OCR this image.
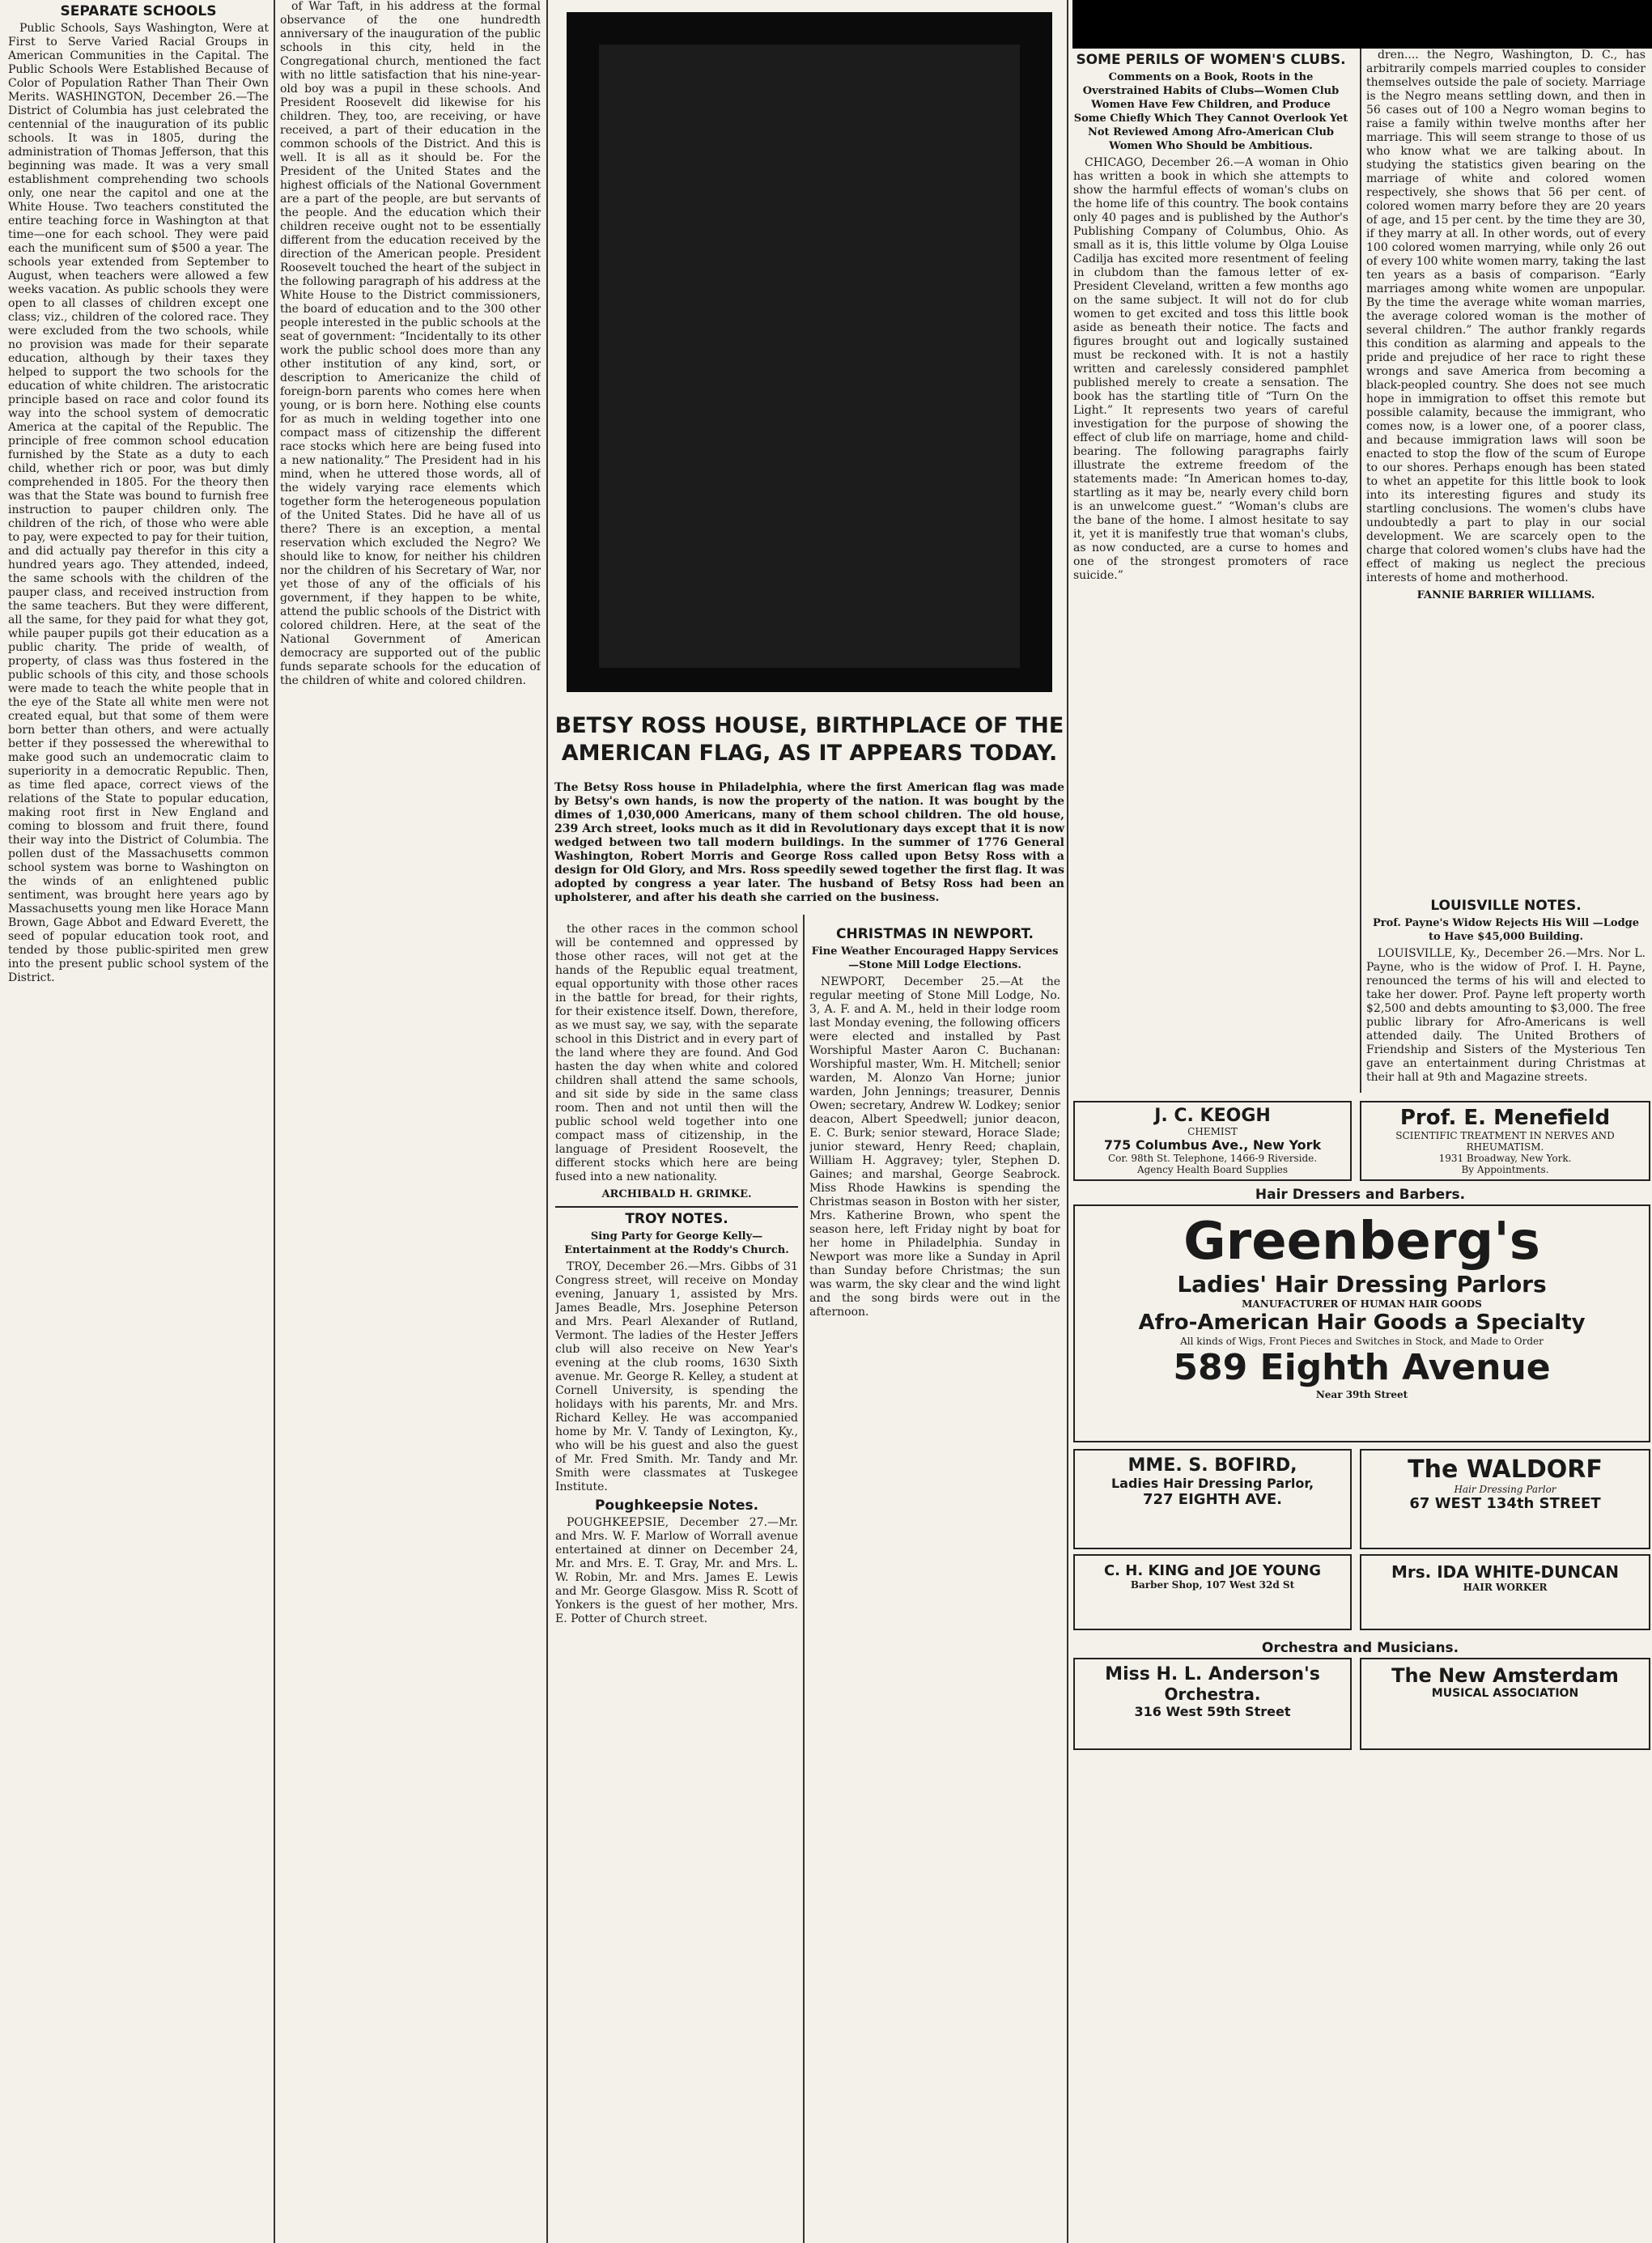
SEPARATE SCHOOLS

Public Schools, Says Washington, Were at First to Serve Varied Racial Groups in American Communities in the Capital. The Public Schools Were Established Because of Color of Population Rather Than Their Own Merits. WASHINGTON, December 26.—The District of Columbia has just celebrated the centennial of the inauguration of its public schools. It was in 1805, during the administration of Thomas Jefferson, that this beginning was made. It was a very small establishment comprehending two schools only, one near the capitol and one at the White House. Two teachers constituted the entire teaching force in Washington at that time—one for each school. They were paid each the munificent sum of $500 a year. The schools year extended from September to August, when teachers were allowed a few weeks vacation. As public schools they were open to all classes of children except one class; viz., children of the colored race. They were excluded from the two schools, while no provision was made for their separate education, although by their taxes they helped to support the two schools for the education of white children. The aristocratic principle based on race and color found its way into the school system of democratic America at the capital of the Republic. The principle of free common school education furnished by the State as a duty to each child, whether rich or poor, was but dimly comprehended in 1805. For the theory then was that the State was bound to furnish free instruction to pauper children only. The children of the rich, of those who were able to pay, were expected to pay for their tuition, and did actually pay therefor in this city a hundred years ago. They attended, indeed, the same schools with the children of the pauper class, and received instruction from the same teachers. But they were different, all the same, for they paid for what they got, while pauper pupils got their education as a public charity. The pride of wealth, of property, of class was thus fostered in the public schools of this city, and those schools were made to teach the white people that in the eye of the State all white men were not created equal, but that some of them were born better than others, and were actually better if they possessed the wherewithal to make good such an undemocratic claim to superiority in a democratic Republic. Then, as time fled apace, correct views of the relations of the State to popular education, making root first in New England and coming to blossom and fruit there, found their way into the District of Columbia. The pollen dust of the Massachusetts common school system was borne to Washington on the winds of an enlightened public sentiment, was brought here years ago by Massachusetts young men like Horace Mann Brown, Gage Abbot and Edward Everett, the seed of popular education took root, and tended by those public-spirited men grew into the present public school system of the District.

of War Taft, in his address at the formal observance of the one hundredth anniversary of the inauguration of the public schools in this city, held in the Congregational church, mentioned the fact with no little satisfaction that his nine-year-old boy was a pupil in these schools. And President Roosevelt did likewise for his children. They, too, are receiving, or have received, a part of their education in the common schools of the District. And this is well. It is all as it should be. For the President of the United States and the highest officials of the National Government are a part of the people, are but servants of the people. And the education which their children receive ought not to be essentially different from the education received by the direction of the American people. President Roosevelt touched the heart of the subject in the following paragraph of his address at the White House to the District commissioners, the board of education and to the 300 other people interested in the public schools at the seat of government: “Incidentally to its other work the public school does more than any other institution of any kind, sort, or description to Americanize the child of foreign-born parents who comes here when young, or is born here. Nothing else counts for as much in welding together into one compact mass of citizenship the different race stocks which here are being fused into a new nationality.” The President had in his mind, when he uttered those words, all of the widely varying race elements which together form the heterogeneous population of the United States. Did he have all of us there? There is an exception, a mental reservation which excluded the Negro? We should like to know, for neither his children nor the children of his Secretary of War, nor yet those of any of the officials of his government, if they happen to be white, attend the public schools of the District with colored children. Here, at the seat of the National Government of American democracy are supported out of the public funds separate schools for the education of the children of white and colored children.

BETSY ROSS HOUSE, BIRTHPLACE OF THE AMERICAN FLAG, AS IT APPEARS TODAY.
The Betsy Ross house in Philadelphia, where the first American flag was made by Betsy's own hands, is now the property of the nation. It was bought by the dimes of 1,030,000 Americans, many of them school children. The old house, 239 Arch street, looks much as it did in Revolutionary days except that it is now wedged between two tall modern buildings. In the summer of 1776 General Washington, Robert Morris and George Ross called upon Betsy Ross with a design for Old Glory, and Mrs. Ross speedily sewed together the first flag. It was adopted by congress a year later. The husband of Betsy Ross had been an upholsterer, and after his death she carried on the business.

the other races in the common school will be contemned and oppressed by those other races, will not get at the hands of the Republic equal treatment, equal opportunity with those other races in the battle for bread, for their rights, for their existence itself. Down, therefore, as we must say, we say, with the separate school in this District and in every part of the land where they are found. And God hasten the day when white and colored children shall attend the same schools, and sit side by side in the same class room. Then and not until then will the public school weld together into one compact mass of citizenship, in the language of President Roosevelt, the different stocks which here are being fused into a new nationality.

ARCHIBALD H. GRIMKE.
TROY NOTES.
Sing Party for George Kelly—Entertainment at the Roddy's Church.

TROY, December 26.—Mrs. Gibbs of 31 Congress street, will receive on Monday evening, January 1, assisted by Mrs. James Beadle, Mrs. Josephine Peterson and Mrs. Pearl Alexander of Rutland, Vermont. The ladies of the Hester Jeffers club will also receive on New Year's evening at the club rooms, 1630 Sixth avenue. Mr. George R. Kelley, a student at Cornell University, is spending the holidays with his parents, Mr. and Mrs. Richard Kelley. He was accompanied home by Mr. V. Tandy of Lexington, Ky., who will be his guest and also the guest of Mr. Fred Smith. Mr. Tandy and Mr. Smith were classmates at Tuskegee Institute.

Poughkeepsie Notes.

POUGHKEEPSIE, December 27.—Mr. and Mrs. W. F. Marlow of Worrall avenue entertained at dinner on December 24, Mr. and Mrs. E. T. Gray, Mr. and Mrs. L. W. Robin, Mr. and Mrs. James E. Lewis and Mr. George Glasgow. Miss R. Scott of Yonkers is the guest of her mother, Mrs. E. Potter of Church street.

CHRISTMAS IN NEWPORT.
Fine Weather Encouraged Happy Services—Stone Mill Lodge Elections.

NEWPORT, December 25.—At the regular meeting of Stone Mill Lodge, No. 3, A. F. and A. M., held in their lodge room last Monday evening, the following officers were elected and installed by Past Worshipful Master Aaron C. Buchanan: Worshipful master, Wm. H. Mitchell; senior warden, M. Alonzo Van Horne; junior warden, John Jennings; treasurer, Dennis Owen; secretary, Andrew W. Lodkey; senior deacon, Albert Speedwell; junior deacon, E. C. Burk; senior steward, Horace Slade; junior steward, Henry Reed; chaplain, William H. Aggravey; tyler, Stephen D. Gaines; and marshal, George Seabrock. Miss Rhode Hawkins is spending the Christmas season in Boston with her sister, Mrs. Katherine Brown, who spent the season here, left Friday night by boat for her home in Philadelphia. Sunday in Newport was more like a Sunday in April than Sunday before Christmas; the sun was warm, the sky clear and the wind light and the song birds were out in the afternoon.

SOME PERILS OF WOMEN'S CLUBS.
Comments on a Book, Roots in the Overstrained Habits of Clubs—Women Club Women Have Few Children, and Produce Some Chiefly Which They Cannot Overlook Yet Not Reviewed Among Afro-American Club Women Who Should be Ambitious.

CHICAGO, December 26.—A woman in Ohio has written a book in which she attempts to show the harmful effects of woman's clubs on the home life of this country. The book contains only 40 pages and is published by the Author's Publishing Company of Columbus, Ohio. As small as it is, this little volume by Olga Louise Cadilja has excited more resentment of feeling in clubdom than the famous letter of ex-President Cleveland, written a few months ago on the same subject. It will not do for club women to get excited and toss this little book aside as beneath their notice. The facts and figures brought out and logically sustained must be reckoned with. It is not a hastily written and carelessly considered pamphlet published merely to create a sensation. The book has the startling title of “Turn On the Light.” It represents two years of careful investigation for the purpose of showing the effect of club life on marriage, home and child-bearing. The following paragraphs fairly illustrate the extreme freedom of the statements made: “In American homes to-day, startling as it may be, nearly every child born is an unwelcome guest.” “Woman's clubs are the bane of the home. I almost hesitate to say it, yet it is manifestly true that woman's clubs, as now conducted, are a curse to homes and one of the strongest promoters of race suicide.”

dren.... the Negro, Washington, D. C., has arbitrarily compels married couples to consider themselves outside the pale of society. Marriage is the Negro means settling down, and then in 56 cases out of 100 a Negro woman begins to raise a family within twelve months after her marriage. This will seem strange to those of us who know what we are talking about. In studying the statistics given bearing on the marriage of white and colored women respectively, she shows that 56 per cent. of colored women marry before they are 20 years of age, and 15 per cent. by the time they are 30, if they marry at all. In other words, out of every 100 colored women marrying, while only 26 out of every 100 white women marry, taking the last ten years as a basis of comparison. “Early marriages among white women are unpopular. By the time the average white woman marries, the average colored woman is the mother of several children.” The author frankly regards this condition as alarming and appeals to the pride and prejudice of her race to right these wrongs and save America from becoming a black-peopled country. She does not see much hope in immigration to offset this remote but possible calamity, because the immigrant, who comes now, is a lower one, of a poorer class, and because immigration laws will soon be enacted to stop the flow of the scum of Europe to our shores. Perhaps enough has been stated to whet an appetite for this little book to look into its interesting figures and study its startling conclusions. The women's clubs have undoubtedly a part to play in our social development. We are scarcely open to the charge that colored women's clubs have had the effect of making us neglect the precious interests of home and motherhood.

FANNIE BARRIER WILLIAMS.
LOUISVILLE NOTES.
Prof. Payne's Widow Rejects His Will —Lodge to Have $45,000 Building.

LOUISVILLE, Ky., December 26.—Mrs. Nor L. Payne, who is the widow of Prof. I. H. Payne, renounced the terms of his will and elected to take her dower. Prof. Payne left property worth $2,500 and debts amounting to $3,000. The free public library for Afro-Americans is well attended daily. The United Brothers of Friendship and Sisters of the Mysterious Ten gave an entertainment during Christmas at their hall at 9th and Magazine streets.

J. C. KEOGH
CHEMIST
775 Columbus Ave., New York
Cor. 98th St. Telephone, 1466-9 Riverside.
Agency Health Board Supplies
Prof. E. Menefield
SCIENTIFIC TREATMENT IN NERVES AND RHEUMATISM.
1931 Broadway, New York.
By Appointments.
Hair Dressers and Barbers.
Greenberg's
Ladies' Hair Dressing Parlors
MANUFACTURER OF HUMAN HAIR GOODS
Afro-American Hair Goods a Specialty
All kinds of Wigs, Front Pieces and Switches in Stock, and Made to Order
589 Eighth Avenue
Near 39th Street
MME. S. BOFIRD,
Ladies Hair Dressing Parlor,
727 EIGHTH AVE.
The WALDORF
Hair Dressing Parlor
67 WEST 134th STREET
C. H. KING and JOE YOUNG
Barber Shop, 107 West 32d St
Mrs. IDA WHITE-DUNCAN
HAIR WORKER
Orchestra and Musicians.
Miss H. L. Anderson's
Orchestra.
316 West 59th Street
The New Amsterdam
MUSICAL ASSOCIATION
